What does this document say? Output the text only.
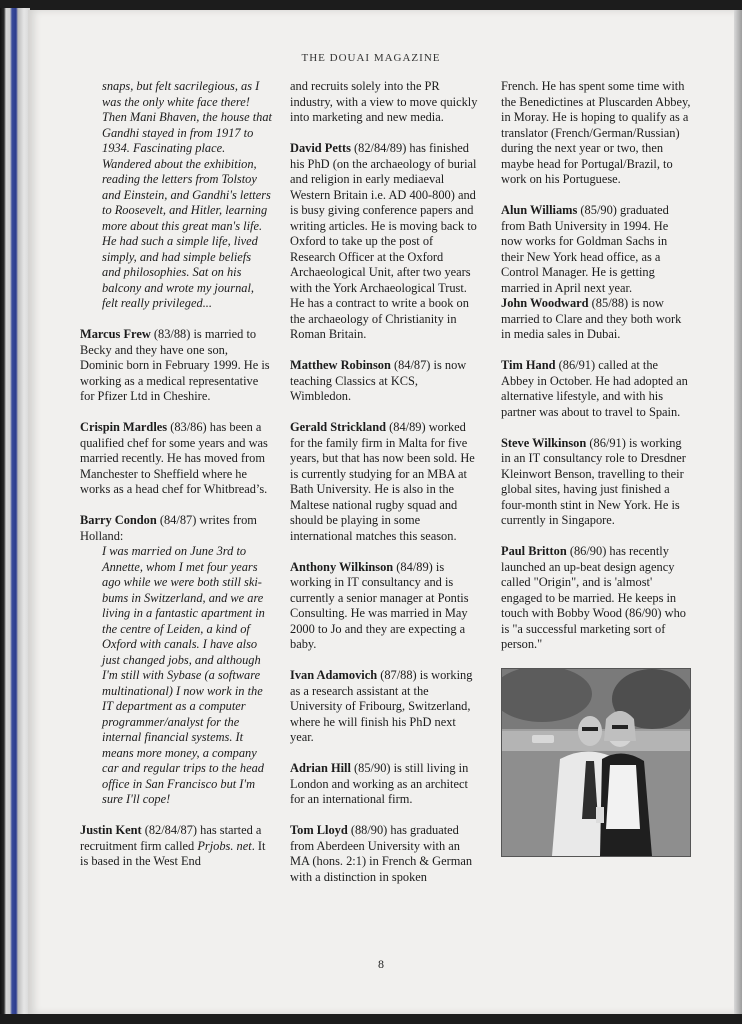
THE DOUAI MAGAZINE

snaps, but felt sacrilegious, as I was the only white face there! Then Mani Bhaven, the house that Gandhi stayed in from 1917 to 1934. Fascinating place. Wandered about the exhibition, reading the letters from Tolstoy and Einstein, and Gandhi's letters to Roosevelt, and Hitler, learning more about this great man's life. He had such a simple life, lived simply, and had simple beliefs and philosophies. Sat on his balcony and wrote my journal, felt really privileged...

Marcus Frew (83/88) is married to Becky and they have one son, Dominic born in February 1999. He is working as a medical representative for Pfizer Ltd in Cheshire.

Crispin Mardles (83/86) has been a qualified chef for some years and was married recently. He has moved from Manchester to Sheffield where he works as a head chef for Whitbread’s.

Barry Condon (84/87) writes from Holland:

I was married on June 3rd to Annette, whom I met four years ago while we were both still ski-bums in Switzerland, and we are living in a fantastic apartment in the centre of Leiden, a kind of Oxford with canals. I have also just changed jobs, and although I'm still with Sybase (a software multinational) I now work in the IT department as a computer programmer/analyst for the internal financial systems. It means more money, a company car and regular trips to the head office in San Francisco but I'm sure I'll cope!

Justin Kent (82/84/87) has started a recruitment firm called Prjobs. net. It is based in the West End

and recruits solely into the PR industry, with a view to move quickly into marketing and new media.

David Petts (82/84/89) has finished his PhD (on the archaeology of burial and religion in early mediaeval Western Britain i.e. AD 400-800) and is busy giving conference papers and writing articles. He is moving back to Oxford to take up the post of Research Officer at the Oxford Archaeological Unit, after two years with the York Archaeological Trust. He has a contract to write a book on the archaeology of Christianity in Roman Britain.

Matthew Robinson (84/87) is now teaching Classics at KCS, Wimbledon.

Gerald Strickland (84/89) worked for the family firm in Malta for five years, but that has now been sold. He is currently studying for an MBA at Bath University. He is also in the Maltese national rugby squad and should be playing in some international matches this season.

Anthony Wilkinson (84/89) is working in IT consultancy and is currently a senior manager at Pontis Consulting. He was married in May 2000 to Jo and they are expecting a baby.

Ivan Adamovich (87/88) is working as a research assistant at the University of Fribourg, Switzerland, where he will finish his PhD next year.

Adrian Hill (85/90) is still living in London and working as an architect for an international firm.

Tom Lloyd (88/90) has graduated from Aberdeen University with an MA (hons. 2:1) in French & German with a distinction in spoken

French. He has spent some time with the Benedictines at Pluscarden Abbey, in Moray. He is hoping to qualify as a translator (French/German/Russian) during the next year or two, then maybe head for Portugal/Brazil, to work on his Portuguese.

Alun Williams (85/90) graduated from Bath University in 1994. He now works for Goldman Sachs in their New York head office, as a Control Manager. He is getting married in April next year.
John Woodward (85/88) is now married to Clare and they both work in media sales in Dubai.

Tim Hand (86/91) called at the Abbey in October. He had adopted an alternative lifestyle, and with his partner was about to travel to Spain.

Steve Wilkinson (86/91) is working in an IT consultancy role to Dresdner Kleinwort Benson, travelling to their global sites, having just finished a four-month stint in New York. He is currently in Singapore.

Paul Britton (86/90) has recently launched an up-beat design agency called "Origin", and is 'almost' engaged to be married. He keeps in touch with Bobby Wood (86/90) who is "a successful marketing sort of person."

8
